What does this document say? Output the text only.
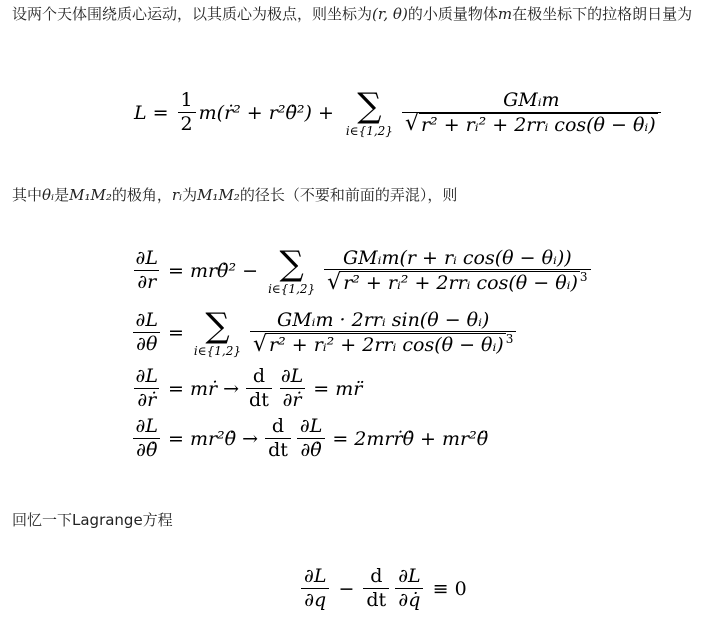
设两个天体围绕质心运动，以其质心为极点，则坐标为(r, θ)的小质量物体m在极坐标下的拉格朗日量为
$L = \frac{1}{2}$ m(ṙ² + r²θ̇²) + ∑
i∈{1,2} $\frac{\text{GMᵢm}}{\text{√ r² + rᵢ² + 2rrᵢ cos(θ − θᵢ)}}$
其中θᵢ是M₁M₂的极角，rᵢ为M₁M₂的径长（不要和前面的弄混），则
$\frac{\partial L}{\partial r}$ = mrθ̇² − ∑
i∈{1,2} $\frac{\text{GMᵢm(r + rᵢ cos(θ − θᵢ))}}{√ r^2 + rᵢ^2 + 2rrᵢ \cos(\theta - \theta ᵢ) ^3}$
$\frac{\partial L}{\partial\theta}$ = ∑
i∈{1,2} $\frac{\text{GMᵢm · 2rrᵢ sin(θ − θᵢ)}}{√ r^2 + rᵢ^2 + 2rrᵢ \cos(\theta - \theta ᵢ) ^3}$
$\frac{\partial L}{\text{∂ṙ}}$ = mṙ → $\frac{d}{dt} \frac{\partial L}{\text{∂ṙ}}$ = mr̈
$\frac{\partial L}{\partial\thetȧ}$ = mr²θ̇ → $\frac{d}{dt} \frac{\partial L}{\partial\thetȧ}$ = 2mrṙθ̇ + mr²θ̈
回忆一下Lagrange方程
$\frac{\partial L}{\partial q} - \frac{d}{dt} \frac{\partial L}{\partial q̇} \equiv 0$
